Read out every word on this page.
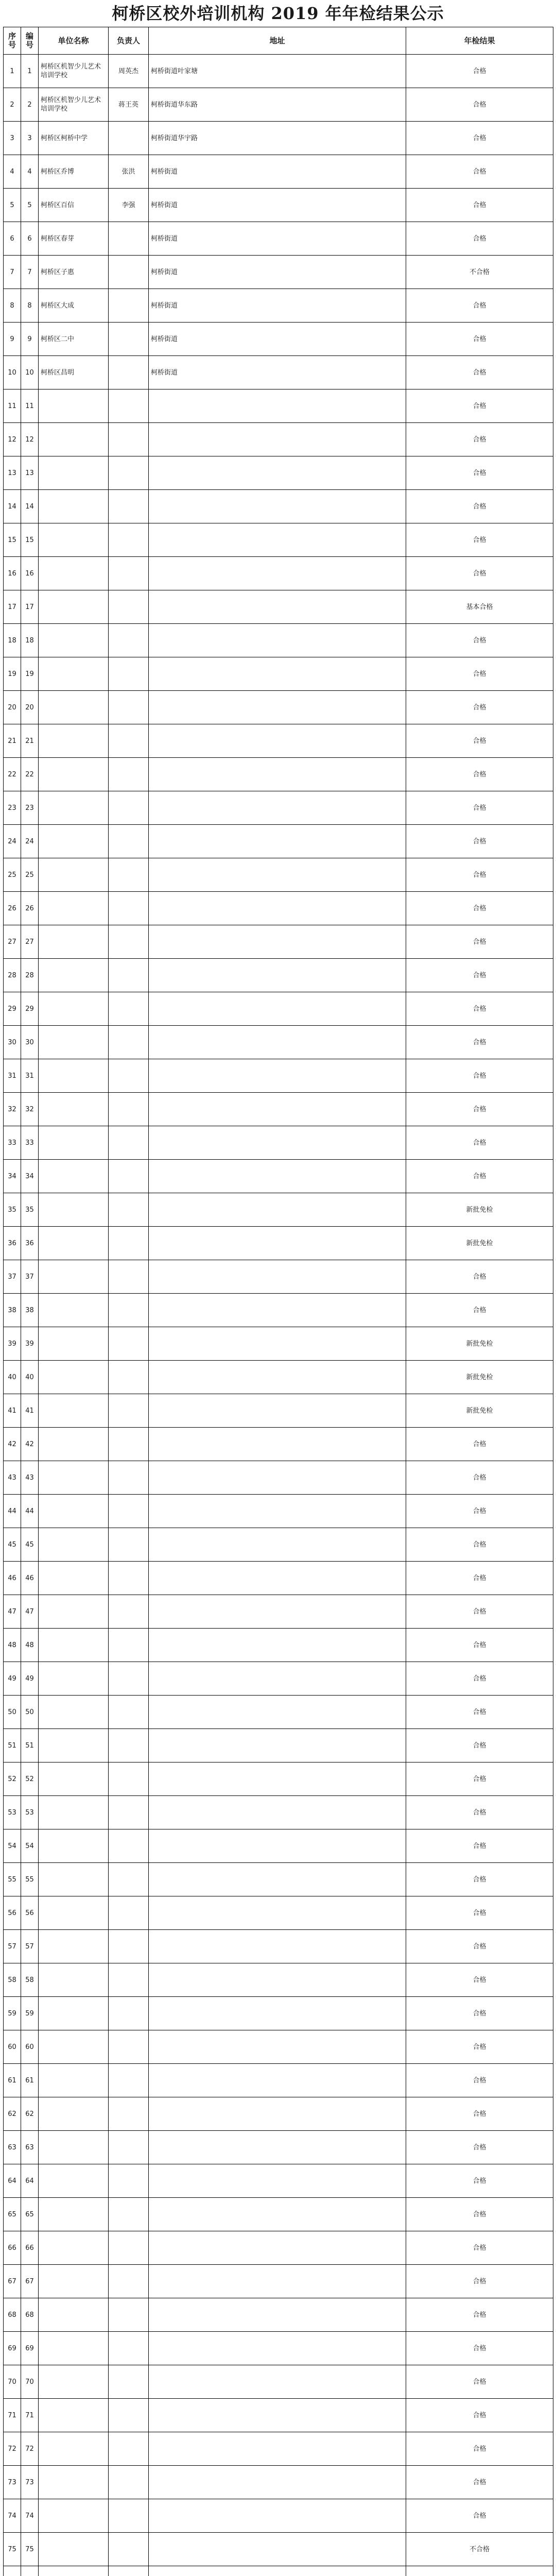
柯桥区校外培训机构 2019 年年检结果公示
序号	编号	单位名称	负责人	地址	年检结果
1	1	柯桥区机智少儿艺术培训学校	周英杰	柯桥街道叶家塘	合格
2	2	柯桥区机智少儿艺术培训学校	蒋王英	柯桥街道华东路	合格
3	3	柯桥区柯桥中学		柯桥街道华宇路	合格
4	4	柯桥区乔博	张洪	柯桥街道	合格
5	5	柯桥区百信	李强	柯桥街道	合格
6	6	柯桥区春芽		柯桥街道	合格
7	7	柯桥区子惠		柯桥街道	不合格
8	8	柯桥区大成		柯桥街道	合格
9	9	柯桥区二中		柯桥街道	合格
10	10	柯桥区昌明		柯桥街道	合格
11	11				合格
12	12				合格
13	13				合格
14	14				合格
15	15				合格
16	16				合格
17	17				基本合格
18	18				合格
19	19				合格
20	20				合格
21	21				合格
22	22				合格
23	23				合格
24	24				合格
25	25				合格
26	26				合格
27	27				合格
28	28				合格
29	29				合格
30	30				合格
31	31				合格
32	32				合格
33	33				合格
34	34				合格
35	35				新批免检
36	36				新批免检
37	37				合格
38	38				合格
39	39				新批免检
40	40				新批免检
41	41				新批免检
42	42				合格
43	43				合格
44	44				合格
45	45				合格
46	46				合格
47	47				合格
48	48				合格
49	49				合格
50	50				合格
51	51				合格
52	52				合格
53	53				合格
54	54				合格
55	55				合格
56	56				合格
57	57				合格
58	58				合格
59	59				合格
60	60				合格
61	61				合格
62	62				合格
63	63				合格
64	64				合格
65	65				合格
66	66				合格
67	67				合格
68	68				合格
69	69				合格
70	70				合格
71	71				合格
72	72				合格
73	73				合格
74	74				合格
75	75				不合格
